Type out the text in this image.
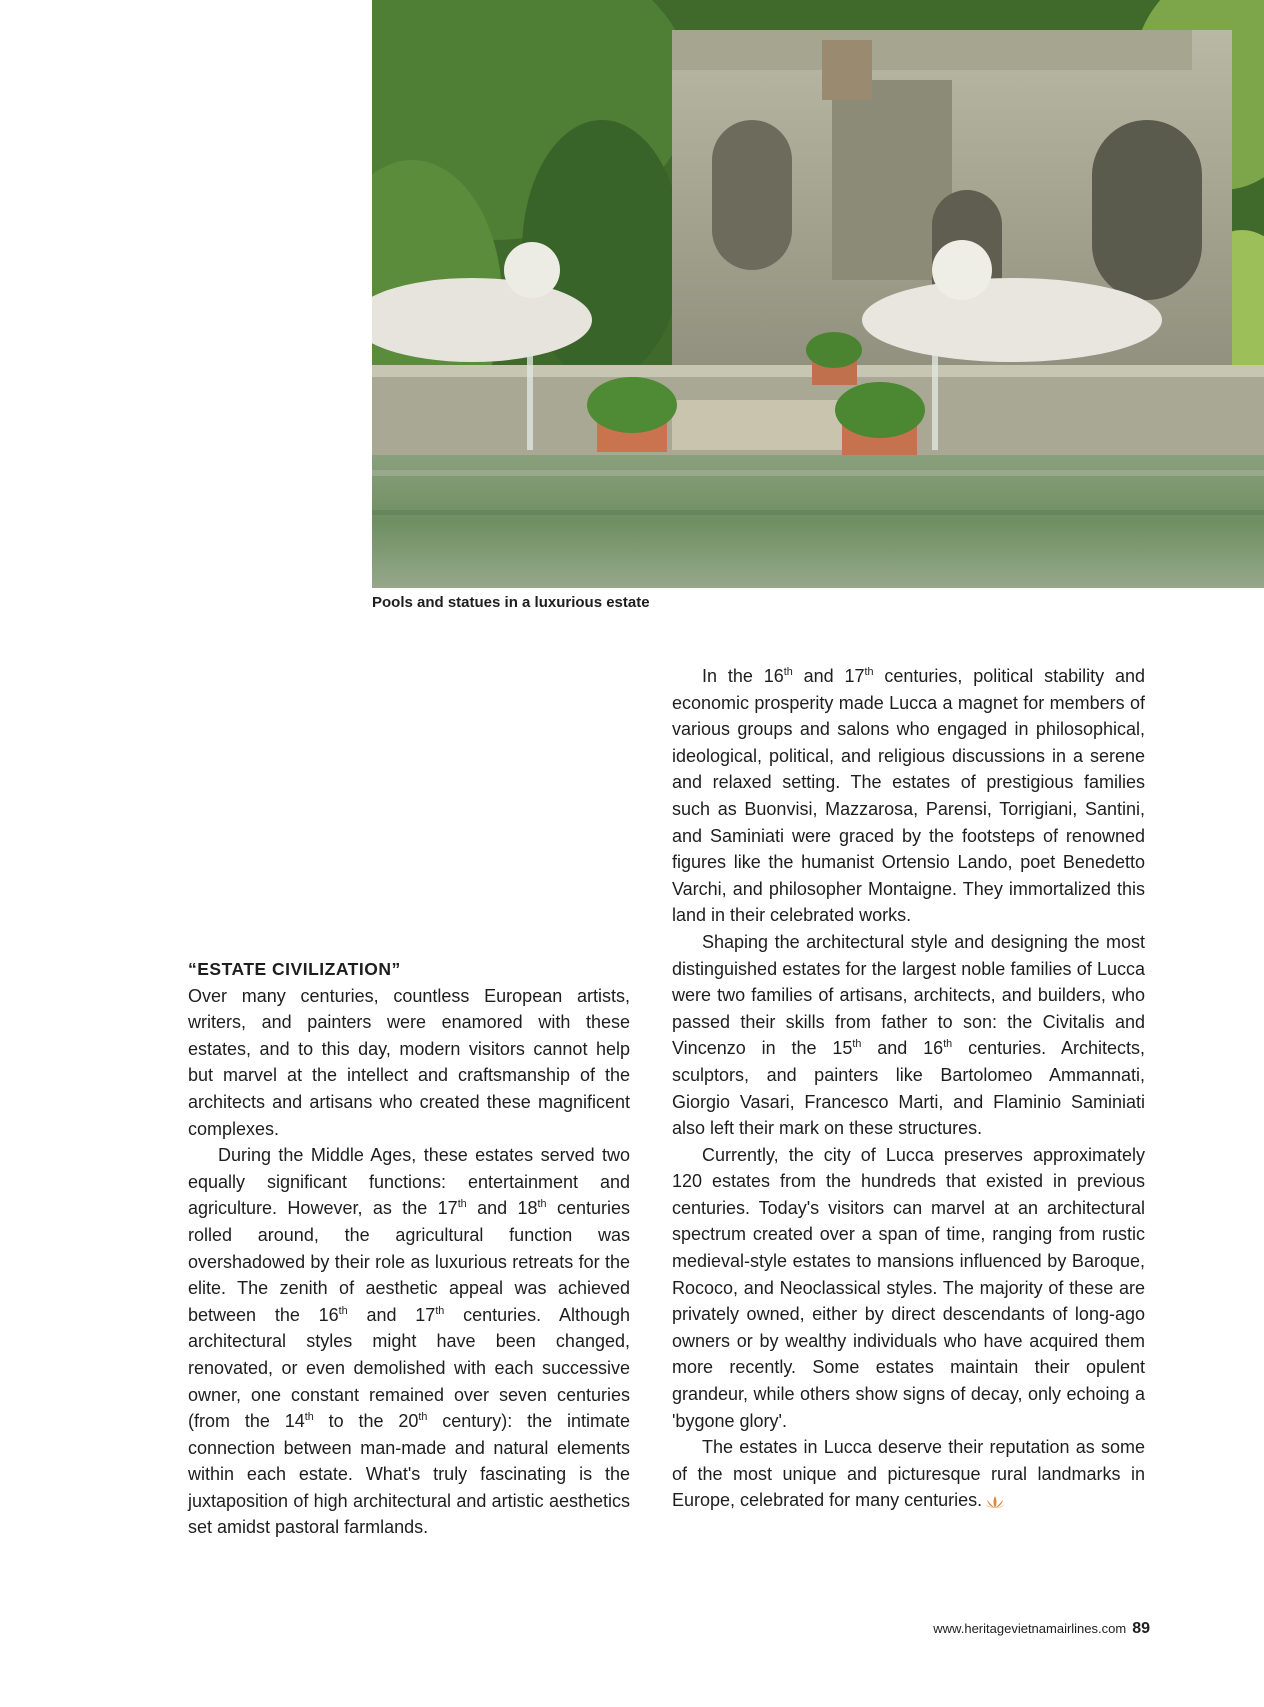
Pools and statues in a luxurious estate

“ESTATE CIVILIZATION”

Over many centuries, countless European artists, writers, and painters were enamored with these estates, and to this day, modern visitors cannot help but marvel at the intellect and craftsmanship of the architects and artisans who created these magnificent complexes.

During the Middle Ages, these estates served two equally significant functions: entertainment and agriculture. However, as the 17th and 18th centuries rolled around, the agricultural function was overshadowed by their role as luxurious retreats for the elite. The zenith of aesthetic appeal was achieved between the 16th and 17th centuries. Although architectural styles might have been changed, renovated, or even demolished with each successive owner, one constant remained over seven centuries (from the 14th to the 20th century): the intimate connection between man-made and natural elements within each estate. What's truly fascinating is the juxtaposition of high architectural and artistic aesthetics set amidst pastoral farmlands.

In the 16th and 17th centuries, political stability and economic prosperity made Lucca a magnet for members of various groups and salons who engaged in philosophical, ideological, political, and religious discussions in a serene and relaxed setting. The estates of prestigious families such as Buonvisi, Mazzarosa, Parensi, Torrigiani, Santini, and Saminiati were graced by the footsteps of renowned figures like the humanist Ortensio Lando, poet Benedetto Varchi, and philosopher Montaigne. They immortalized this land in their celebrated works.

Shaping the architectural style and designing the most distinguished estates for the largest noble families of Lucca were two families of artisans, architects, and builders, who passed their skills from father to son: the Civitalis and Vincenzo in the 15th and 16th centuries. Architects, sculptors, and painters like Bartolomeo Ammannati, Giorgio Vasari, Francesco Marti, and Flaminio Saminiati also left their mark on these structures.

Currently, the city of Lucca preserves approximately 120 estates from the hundreds that existed in previous centuries. Today's visitors can marvel at an architectural spectrum created over a span of time, ranging from rustic medieval-style estates to mansions influenced by Baroque, Rococo, and Neoclassical styles. The majority of these are privately owned, either by direct descendants of long-ago owners or by wealthy individuals who have acquired them more recently. Some estates maintain their opulent grandeur, while others show signs of decay, only echoing a 'bygone glory'.

The estates in Lucca deserve their reputation as some of the most unique and picturesque rural landmarks in Europe, celebrated for many centuries.

www.heritagevietnamairlines.com 89
